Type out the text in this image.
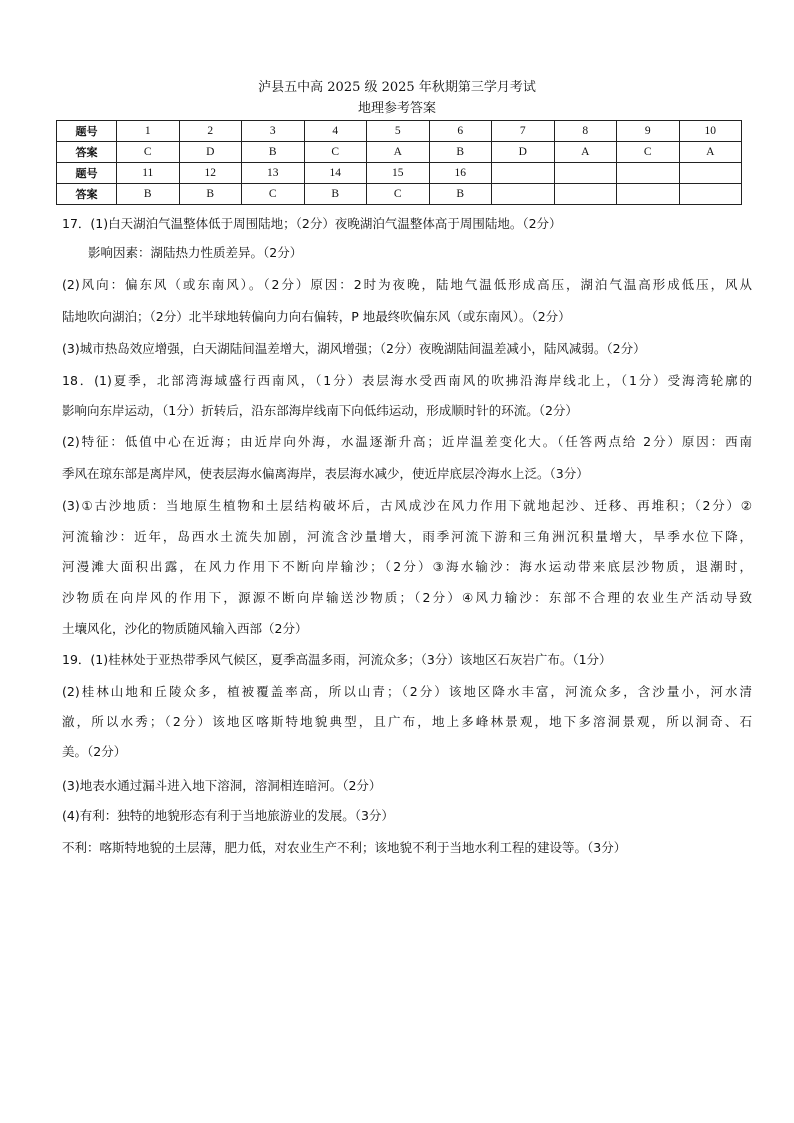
泸县五中高 2025 级 2025 年秋期第三学月考试
地理参考答案
题号	1	2	3	4	5	6	7	8	9	10
答案	C	D	B	C	A	B	D	A	C	A
题号	11	12	13	14	15	16				
答案	B	B	C	B	C	B				
17．(1)白天湖泊气温整体低于周围陆地；（2分）夜晚湖泊气温整体高于周围陆地。（2分）
影响因素：湖陆热力性质差异。（2分）
(2)风向：偏东风（或东南风）。（2分）原因：2时为夜晚，陆地气温低形成高压，湖泊气温高形成低压，风从
陆地吹向湖泊；（2分）北半球地转偏向力向右偏转，P 地最终吹偏东风（或东南风）。（2分）
(3)城市热岛效应增强，白天湖陆间温差增大，湖风增强；（2分）夜晚湖陆间温差减小，陆风减弱。（2分）
18．(1)夏季，北部湾海域盛行西南风，（1分）表层海水受西南风的吹拂沿海岸线北上，（1分）受海湾轮廓的
影响向东岸运动，（1分）折转后，沿东部海岸线南下向低纬运动，形成顺时针的环流。（2分）
(2)特征：低值中心在近海；由近岸向外海，水温逐渐升高；近岸温差变化大。（任答两点给 2分）原因：西南
季风在琼东部是离岸风，使表层海水偏离海岸，表层海水减少，使近岸底层冷海水上泛。（3分）
(3)①古沙地质：当地原生植物和土层结构破坏后，古风成沙在风力作用下就地起沙、迁移、再堆积；（2分）②
河流输沙：近年，岛西水土流失加剧，河流含沙量增大，雨季河流下游和三角洲沉积量增大，旱季水位下降，
河漫滩大面积出露，在风力作用下不断向岸输沙；（2分）③海水输沙：海水运动带来底层沙物质，退潮时，
沙物质在向岸风的作用下，源源不断向岸输送沙物质；（2分）④风力输沙：东部不合理的农业生产活动导致
土壤风化，沙化的物质随风输入西部（2分）
19．(1)桂林处于亚热带季风气候区，夏季高温多雨，河流众多；（3分）该地区石灰岩广布。（1分）
(2)桂林山地和丘陵众多，植被覆盖率高，所以山青；（2分）该地区降水丰富，河流众多，含沙量小，河水清
澈，所以水秀；（2分）该地区喀斯特地貌典型，且广布，地上多峰林景观，地下多溶洞景观，所以洞奇、石
美。（2分）
(3)地表水通过漏斗进入地下溶洞，溶洞相连暗河。（2分）
(4)有利：独特的地貌形态有利于当地旅游业的发展。（3分）
不利：喀斯特地貌的土层薄，肥力低，对农业生产不利；该地貌不利于当地水利工程的建设等。（3分）
